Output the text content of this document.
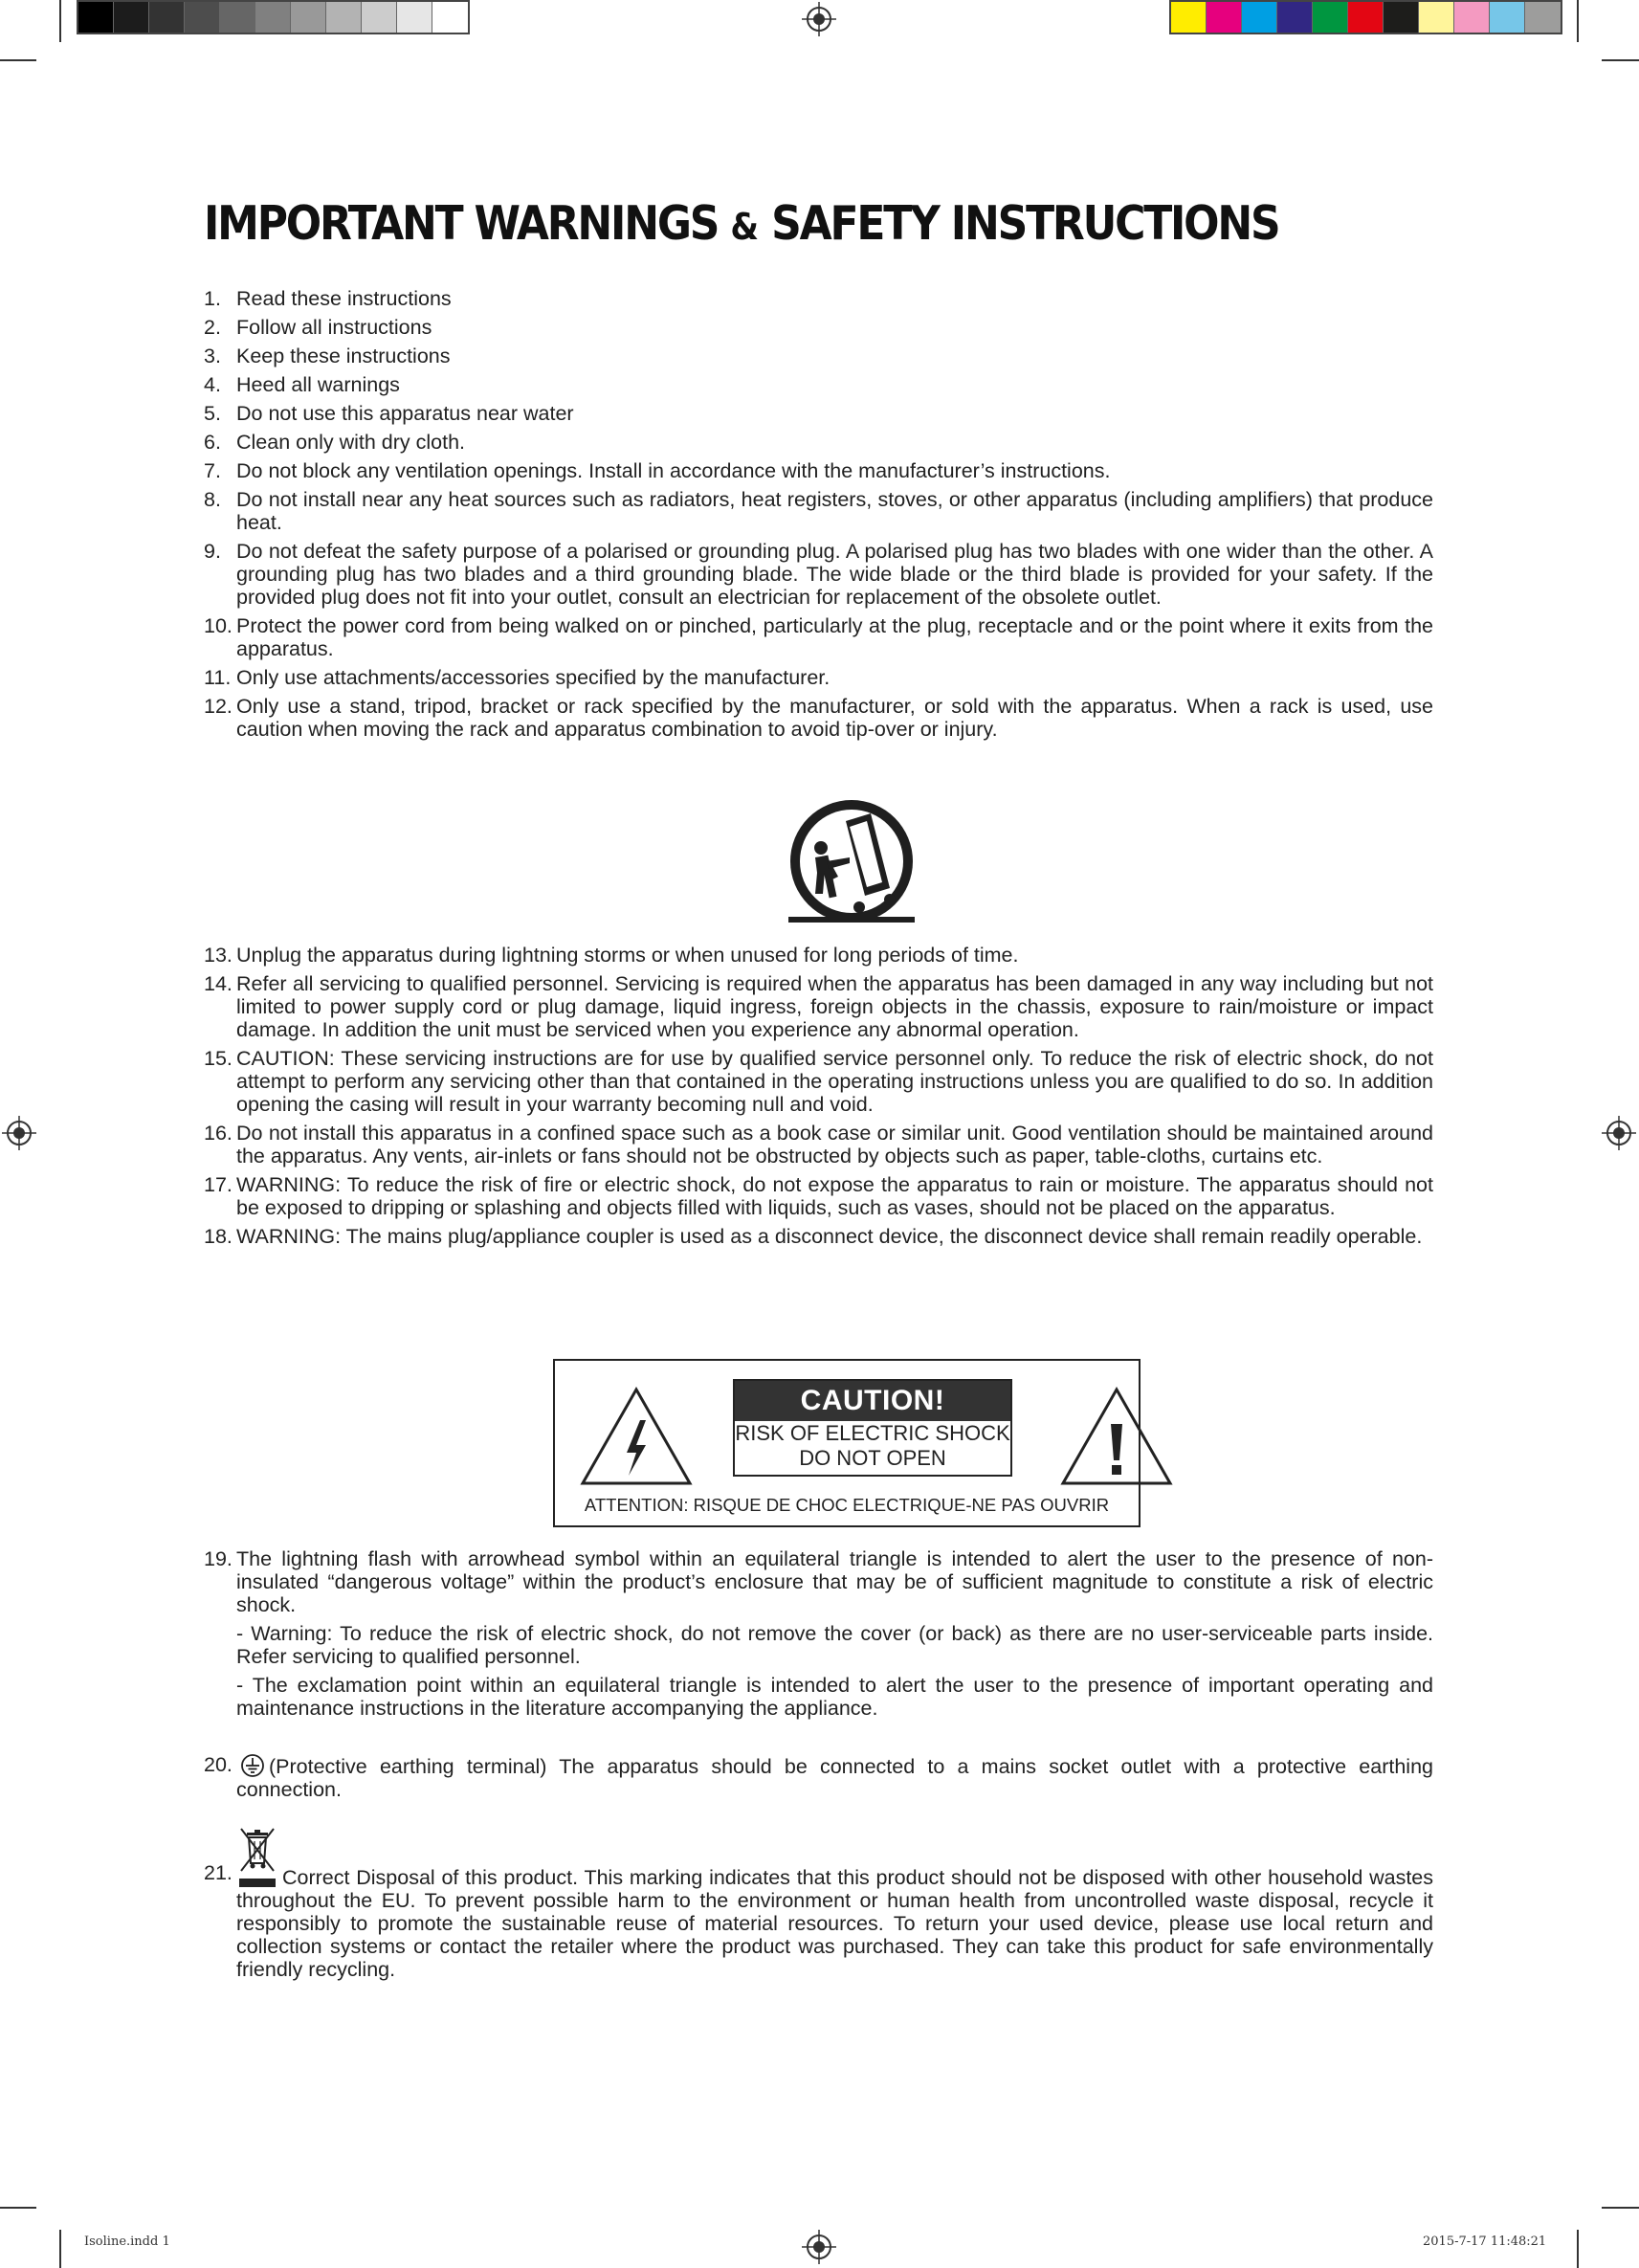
IMPORTANT WARNINGS & SAFETY INSTRUCTIONS
1. Read these instructions
2. Follow all instructions
3. Keep these instructions
4. Heed all warnings
5. Do not use this apparatus near water
6. Clean only with dry cloth.
7. Do not block any ventilation openings. Install in accordance with the manufacturer’s instructions.
8. Do not install near any heat sources such as radiators, heat registers, stoves, or other apparatus (including amplifiers) that produce heat.
9. Do not defeat the safety purpose of a polarised or grounding plug. A polarised plug has two blades with one wider than the other. A grounding plug has two blades and a third grounding blade. The wide blade or the third blade is provided for your safety. If the provided plug does not fit into your outlet, consult an electrician for replacement of the obsolete outlet.
10. Protect the power cord from being walked on or pinched, particularly at the plug, receptacle and or the point where it exits from the apparatus.
11. Only use attachments/accessories specified by the manufacturer.
12. Only use a stand, tripod, bracket or rack specified by the manufacturer, or sold with the apparatus. When a rack is used, use caution when moving the rack and apparatus combination to avoid tip-over or injury.
13. Unplug the apparatus during lightning storms or when unused for long periods of time.
14. Refer all servicing to qualified personnel. Servicing is required when the apparatus has been damaged in any way including but not limited to power supply cord or plug damage, liquid ingress, foreign objects in the chassis, exposure to rain/moisture or impact damage. In addition the unit must be serviced when you experience any abnormal operation.
15. CAUTION: These servicing instructions are for use by qualified service personnel only. To reduce the risk of electric shock, do not attempt to perform any servicing other than that contained in the operating instructions unless you are qualified to do so. In addition opening the casing will result in your warranty becoming null and void.
16. Do not install this apparatus in a confined space such as a book case or similar unit. Good ventilation should be maintained around the apparatus. Any vents, air-inlets or fans should not be obstructed by objects such as paper, table-cloths, curtains etc.
17. WARNING: To reduce the risk of fire or electric shock, do not expose the apparatus to rain or moisture. The apparatus should not be exposed to dripping or splashing and objects filled with liquids, such as vases, should not be placed on the apparatus.
18. WARNING: The mains plug/appliance coupler is used as a disconnect device, the disconnect device shall remain readily operable.
CAUTION!
RISK OF ELECTRIC SHOCK
DO NOT OPEN
ATTENTION: RISQUE DE CHOC ELECTRIQUE-NE PAS OUVRIR
19. The lightning flash with arrowhead symbol within an equilateral triangle is intended to alert the user to the presence of non-insulated “dangerous voltage” within the product’s enclosure that may be of sufficient magnitude to constitute a risk of electric shock.
- Warning: To reduce the risk of electric shock, do not remove the cover (or back) as there are no user-serviceable parts inside. Refer servicing to qualified personnel.
- The exclamation point within an equilateral triangle is intended to alert the user to the presence of important operating and maintenance instructions in the literature accompanying the appliance.
20.	(Protective earthing terminal) The apparatus should be connected to a mains socket outlet with a protective earthing connection.
21.	Correct Disposal of this product. This marking indicates that this product should not be disposed with other household wastes throughout the EU. To prevent possible harm to the environment or human health from uncontrolled waste disposal, recycle it responsibly to promote the sustainable reuse of material resources. To return your used device, please use local return and collection systems or contact the retailer where the product was purchased. They can take this product for safe environmentally friendly recycling.
Isoline.indd 1	2015-7-17 11:48:21
